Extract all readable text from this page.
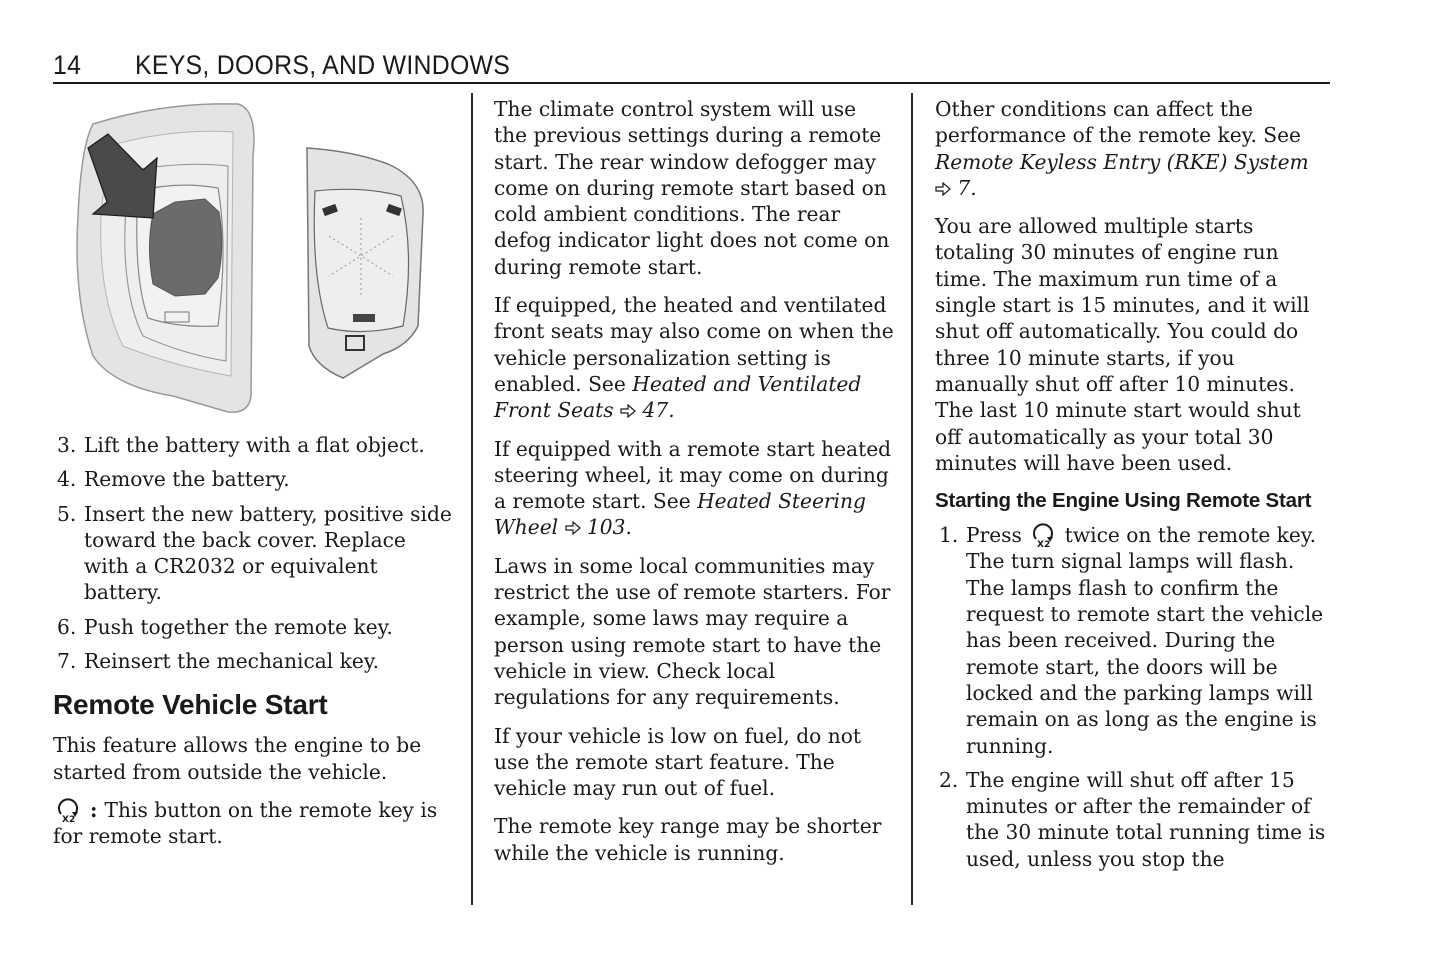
14 KEYS, DOORS, AND WINDOWS
3. Lift the battery with a flat object.
4. Remove the battery.
5. Insert the new battery, positive side toward the back cover. Replace with a CR2032 or equivalent battery.
6. Push together the remote key.
7. Reinsert the mechanical key.
Remote Vehicle Start

This feature allows the engine to be started from outside the vehicle.

X2 : This button on the remote key is for remote start.

The climate control system will use the previous settings during a remote start. The rear window defogger may come on during remote start based on cold ambient conditions. The rear defog indicator light does not come on during remote start.

If equipped, the heated and ventilated front seats may also come on when the vehicle personalization setting is enabled. See Heated and Ventilated Front Seats 47.

If equipped with a remote start heated steering wheel, it may come on during a remote start. See Heated Steering Wheel 103.

Laws in some local communities may restrict the use of remote starters. For example, some laws may require a person using remote start to have the vehicle in view. Check local regulations for any requirements.

If your vehicle is low on fuel, do not use the remote start feature. The vehicle may run out of fuel.

The remote key range may be shorter while the vehicle is running.

Other conditions can affect the performance of the remote key. See Remote Keyless Entry (RKE) System
7.

You are allowed multiple starts totaling 30 minutes of engine run time. The maximum run time of a single start is 15 minutes, and it will shut off automatically. You could do three 10 minute starts, if you manually shut off after 10 minutes. The last 10 minute start would shut off automatically as your total 30 minutes will have been used.

Starting the Engine Using Remote Start
1. Press X2 twice on the remote key. The turn signal lamps will flash. The lamps flash to confirm the request to remote start the vehicle has been received. During the remote start, the doors will be locked and the parking lamps will remain on as long as the engine is running.
2. The engine will shut off after 15 minutes or after the remainder of the 30 minute total running time is used, unless you stop the
